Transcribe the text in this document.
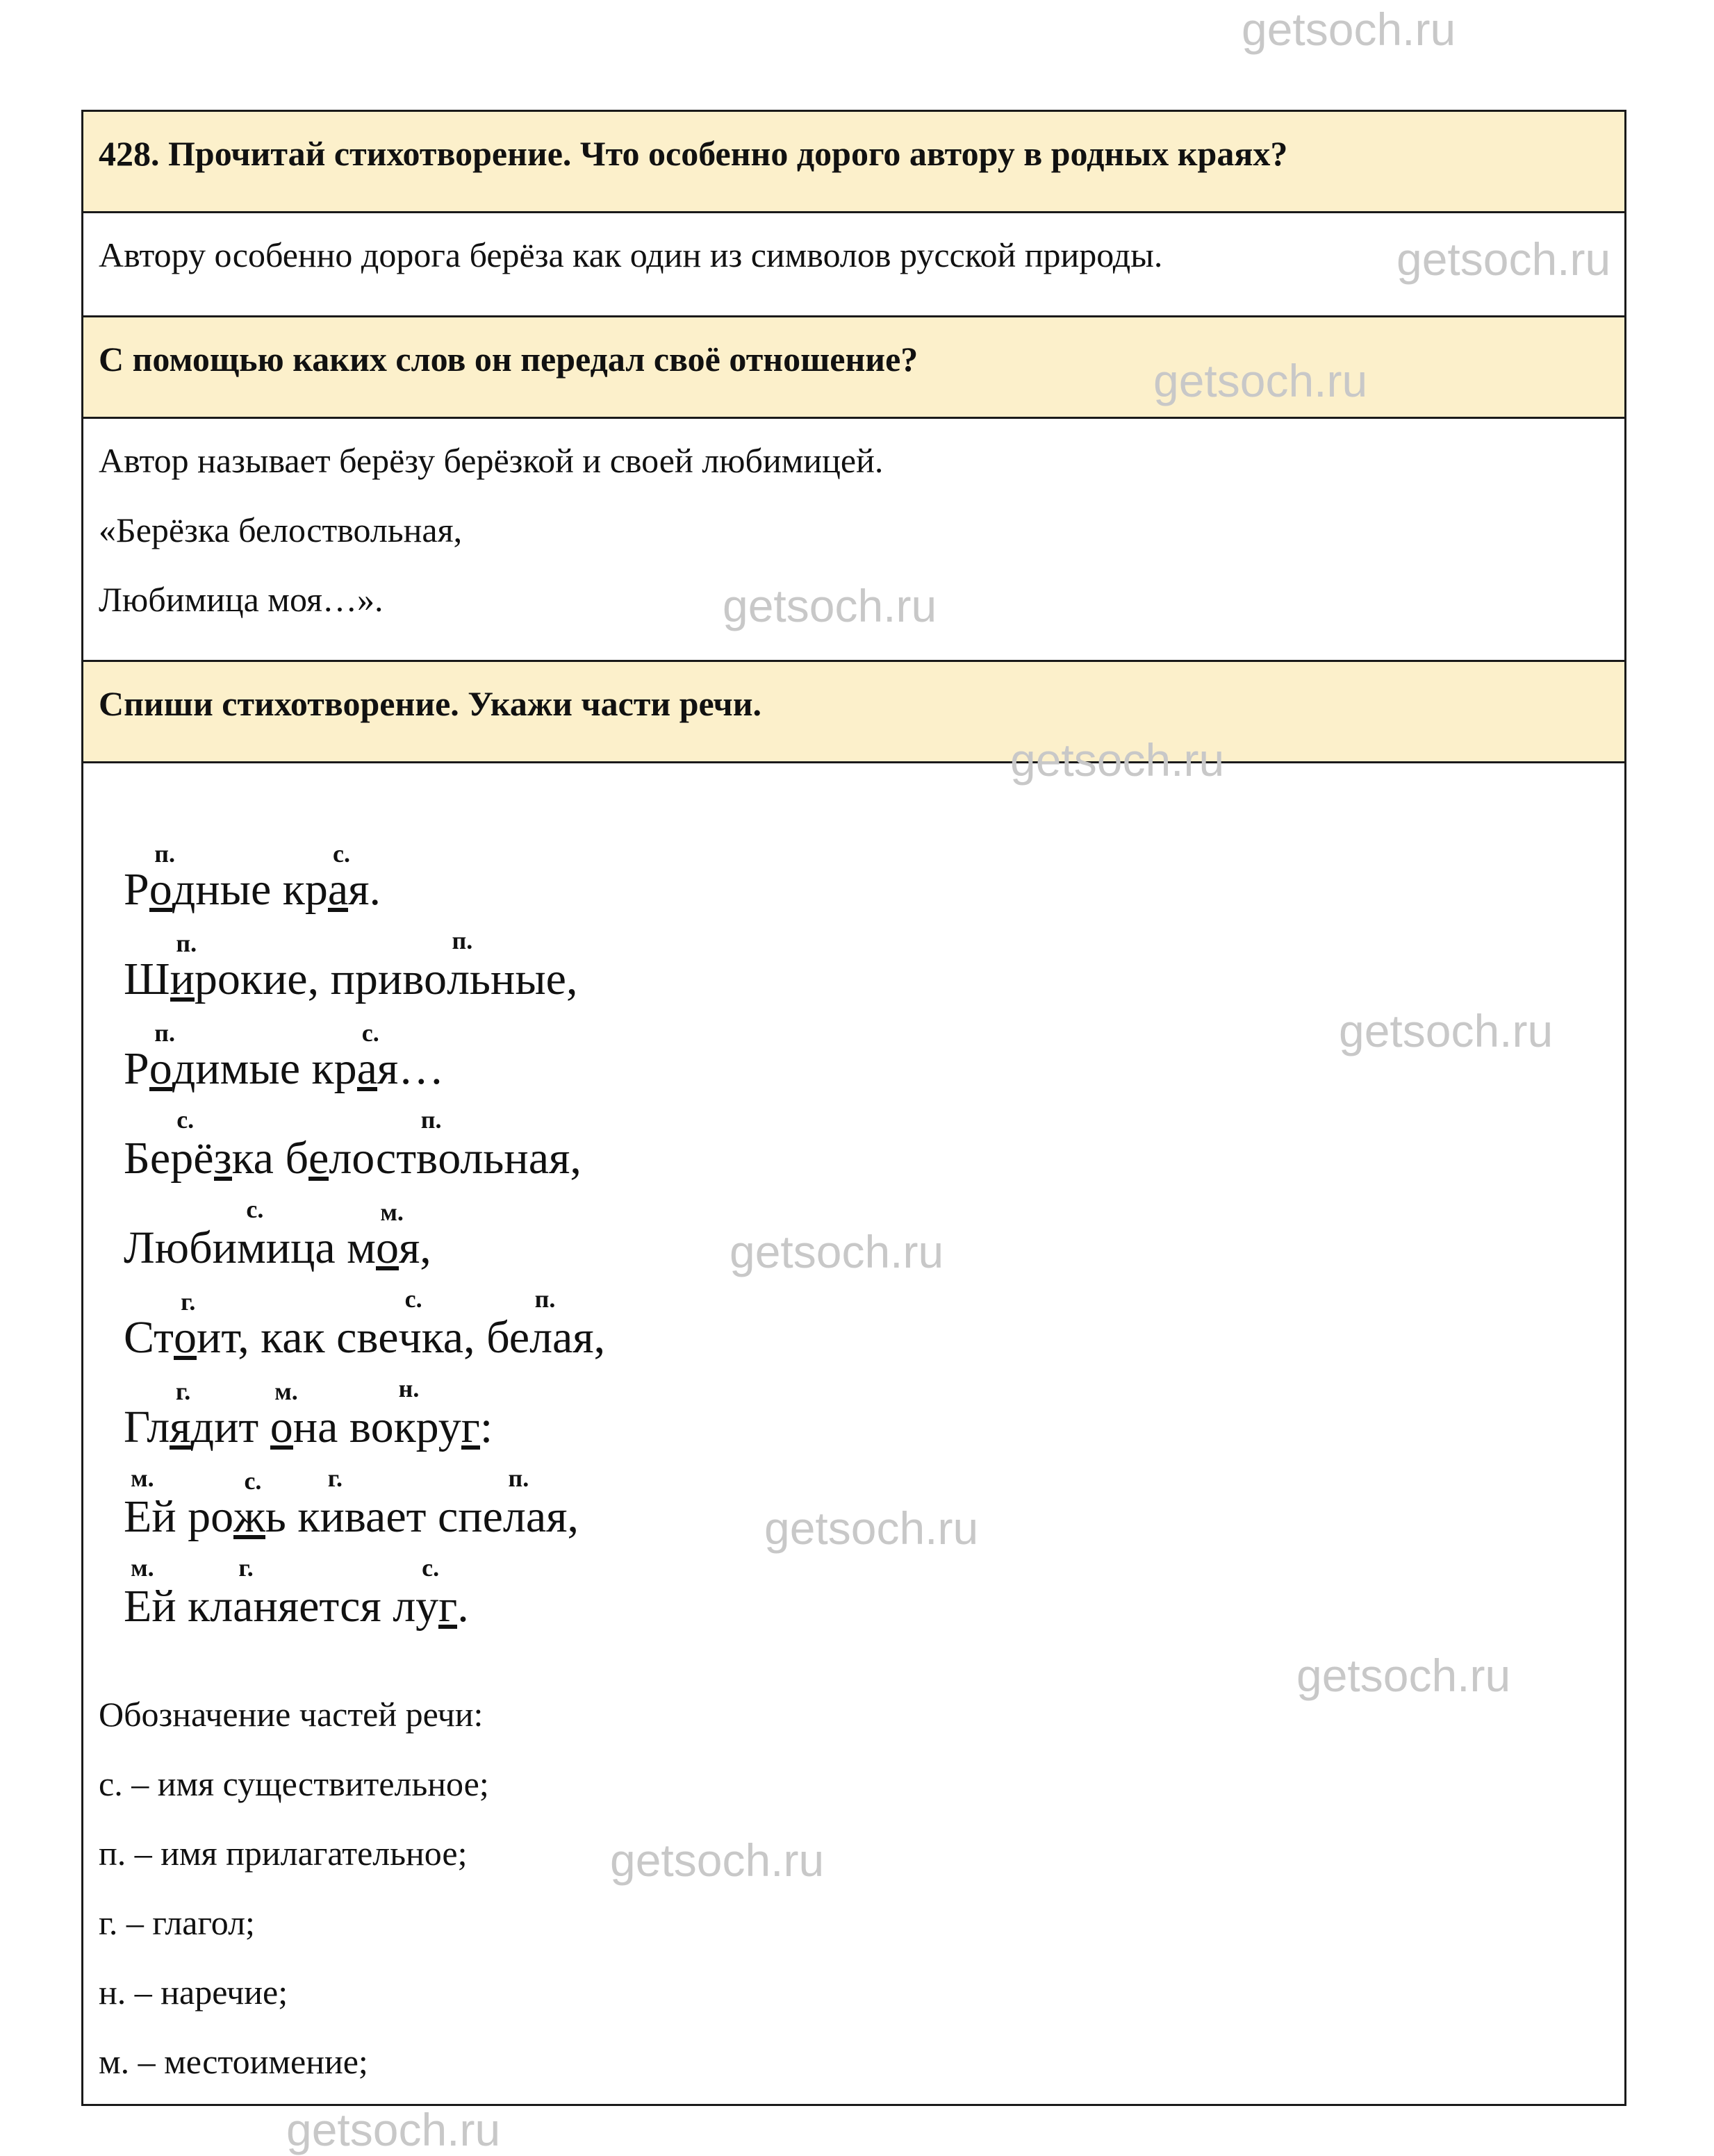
getsoch.ru
getsoch.ru
getsoch.ru
getsoch.ru
getsoch.ru
getsoch.ru
getsoch.ru
getsoch.ru
getsoch.ru
getsoch.ru
getsoch.ru
428. Прочитай стихотворение. Что особенно дорого автору в родных краях?

Автору особенно дорога берёза как один из символов русской природы.

С помощью каких слов он передал своё отношение?

Автор называет берёзу берёзкой и своей любимицей.

«Берёзка белоствольная,

Любимица моя…».

Спиши стихотворение. Укажи части речи.
Ро
п.
дные кра
с.
я.
Ши
п.
рокие, привол
п.
ьные,
Ро
п.
димые кра
с.
я…
Бер
с.
ёзка белоств
п.
ольная,
Любим
с.
ица мо
м.
я,
Сто
г.
ит, как свеч
с.
ка, бел
п.
ая,
Гля
г.
дит о
м.
на вок
н.
руг:
Е
м.
й рож
с.
ь ки
г.
вает спел
п.
ая,
Е
м.
й кла
г.
няется лу
с.
г.

Обозначение частей речи:

с. – имя существительное;

п. – имя прилагательное;

г. – глагол;

н. – наречие;

м. – местоимение;
